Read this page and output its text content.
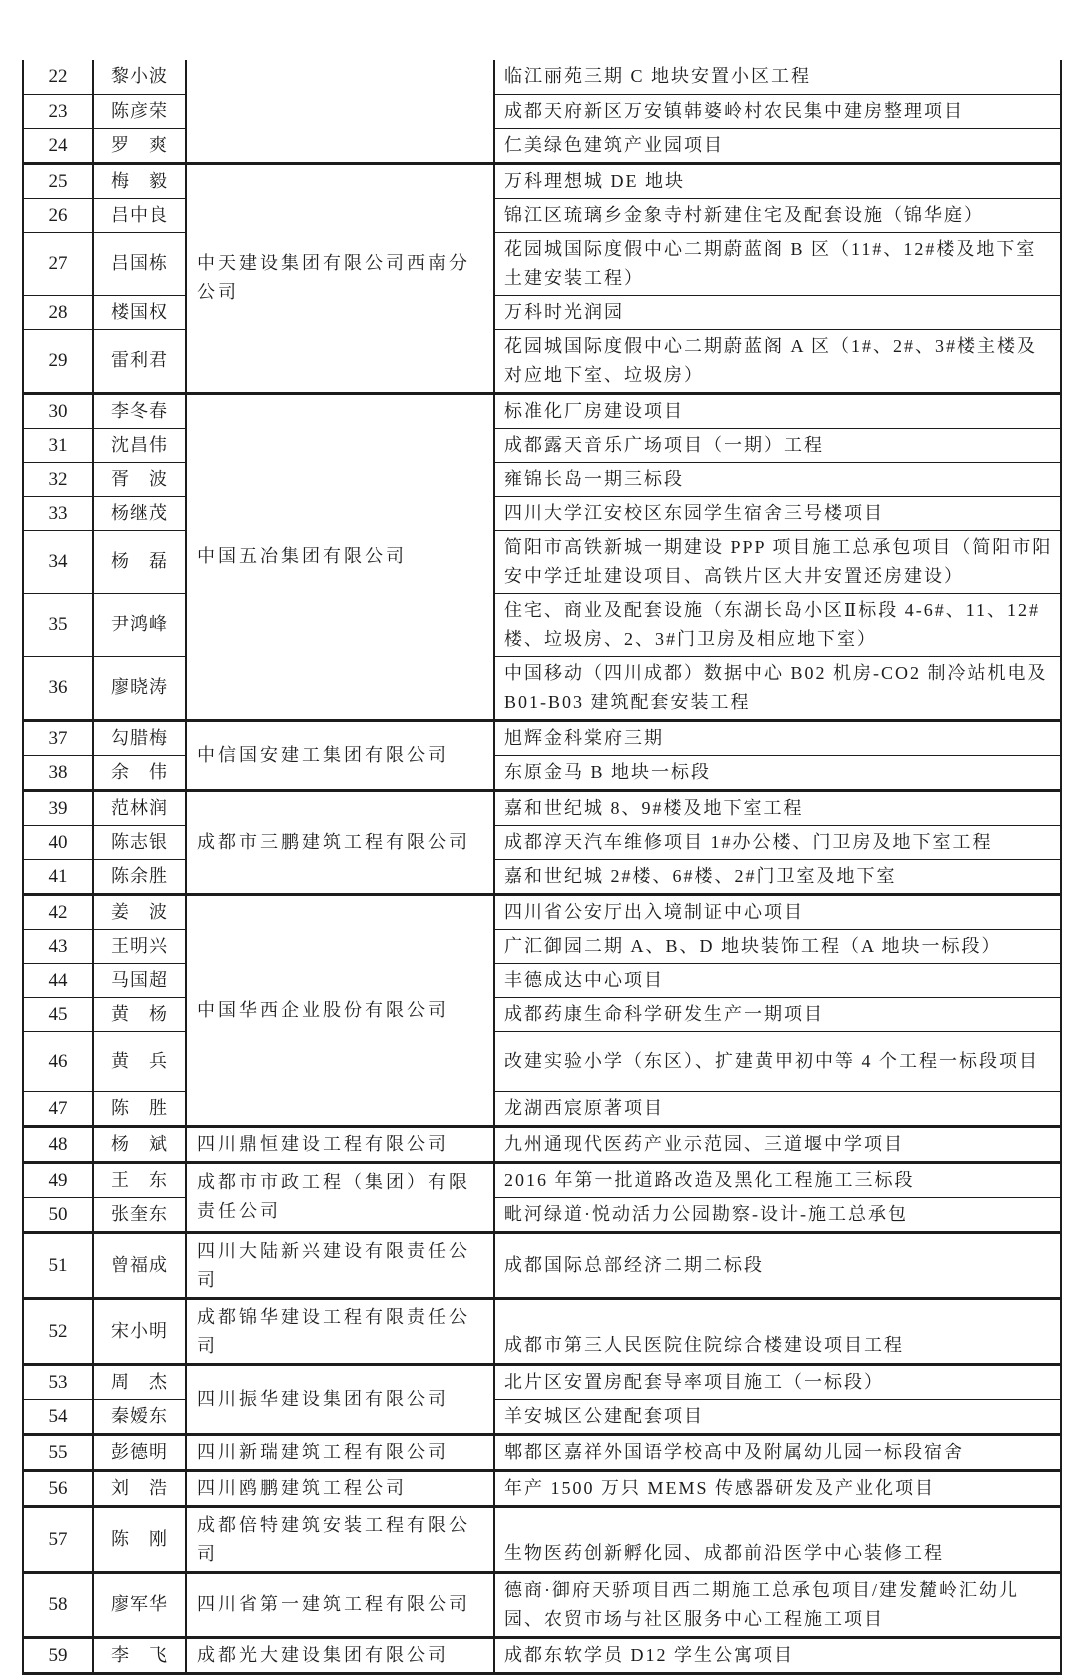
22	黎小波		临江丽苑三期 C 地块安置小区工程
23	陈彦荣		成都天府新区万安镇韩婆岭村农民集中建房整理项目
24	罗　爽		仁美绿色建筑产业园项目
25	梅　毅	中天建设集团有限公司西南分公司	万科理想城 DE 地块
26	吕中良		锦江区琉璃乡金象寺村新建住宅及配套设施（锦华庭）
27	吕国栋		花园城国际度假中心二期蔚蓝阁 B 区（11#、12#楼及地下室土建安装工程）
28	楼国权		万科时光润园
29	雷利君		花园城国际度假中心二期蔚蓝阁 A 区（1#、2#、3#楼主楼及对应地下室、垃圾房）
30	李冬春	中国五冶集团有限公司	标准化厂房建设项目
31	沈昌伟		成都露天音乐广场项目（一期）工程
32	胥　波		雍锦长岛一期三标段
33	杨继茂		四川大学江安校区东园学生宿舍三号楼项目
34	杨　磊		简阳市高铁新城一期建设 PPP 项目施工总承包项目（简阳市阳安中学迁址建设项目、高铁片区大井安置还房建设）
35	尹鸿峰		住宅、商业及配套设施（东湖长岛小区Ⅱ标段 4-6#、11、12#楼、垃圾房、2、3#门卫房及相应地下室）
36	廖晓涛		中国移动（四川成都）数据中心 B02 机房-CO2 制冷站机电及 B01-B03 建筑配套安装工程
37	勾腊梅	中信国安建工集团有限公司	旭辉金科棠府三期
38	余　伟		东原金马 B 地块一标段
39	范林润	成都市三鹏建筑工程有限公司	嘉和世纪城 8、9#楼及地下室工程
40	陈志银		成都淳天汽车维修项目 1#办公楼、门卫房及地下室工程
41	陈余胜		嘉和世纪城 2#楼、6#楼、2#门卫室及地下室
42	姜　波	中国华西企业股份有限公司	四川省公安厅出入境制证中心项目
43	王明兴		广汇御园二期 A、B、D 地块装饰工程（A 地块一标段）
44	马国超		丰德成达中心项目
45	黄　杨		成都药康生命科学研发生产一期项目
46	黄　兵		改建实验小学（东区）、扩建黄甲初中等 4 个工程一标段项目
47	陈　胜		龙湖西宸原著项目
48	杨　斌	四川鼎恒建设工程有限公司	九州通现代医药产业示范园、三道堰中学项目
49	王　东	成都市市政工程（集团）有限责任公司	2016 年第一批道路改造及黑化工程施工三标段
50	张奎东		毗河绿道·悦动活力公园勘察-设计-施工总承包
51	曾福成	四川大陆新兴建设有限责任公司	成都国际总部经济二期二标段
52	宋小明	成都锦华建设工程有限责任公司	成都市第三人民医院住院综合楼建设项目工程
53	周　杰	四川振华建设集团有限公司	北片区安置房配套导率项目施工（一标段）
54	秦嫒东		羊安城区公建配套项目
55	彭德明	四川新瑞建筑工程有限公司	郫都区嘉祥外国语学校高中及附属幼儿园一标段宿舍
56	刘　浩	四川鸥鹏建筑工程公司	年产 1500 万只 MEMS 传感器研发及产业化项目
57	陈　刚	成都倍特建筑安装工程有限公司	生物医药创新孵化园、成都前沿医学中心装修工程
58	廖军华	四川省第一建筑工程有限公司	德商·御府天骄项目西二期施工总承包项目/建发麓岭汇幼儿园、农贸市场与社区服务中心工程施工项目
59	李　飞	成都光大建设集团有限公司	成都东软学员 D12 学生公寓项目
